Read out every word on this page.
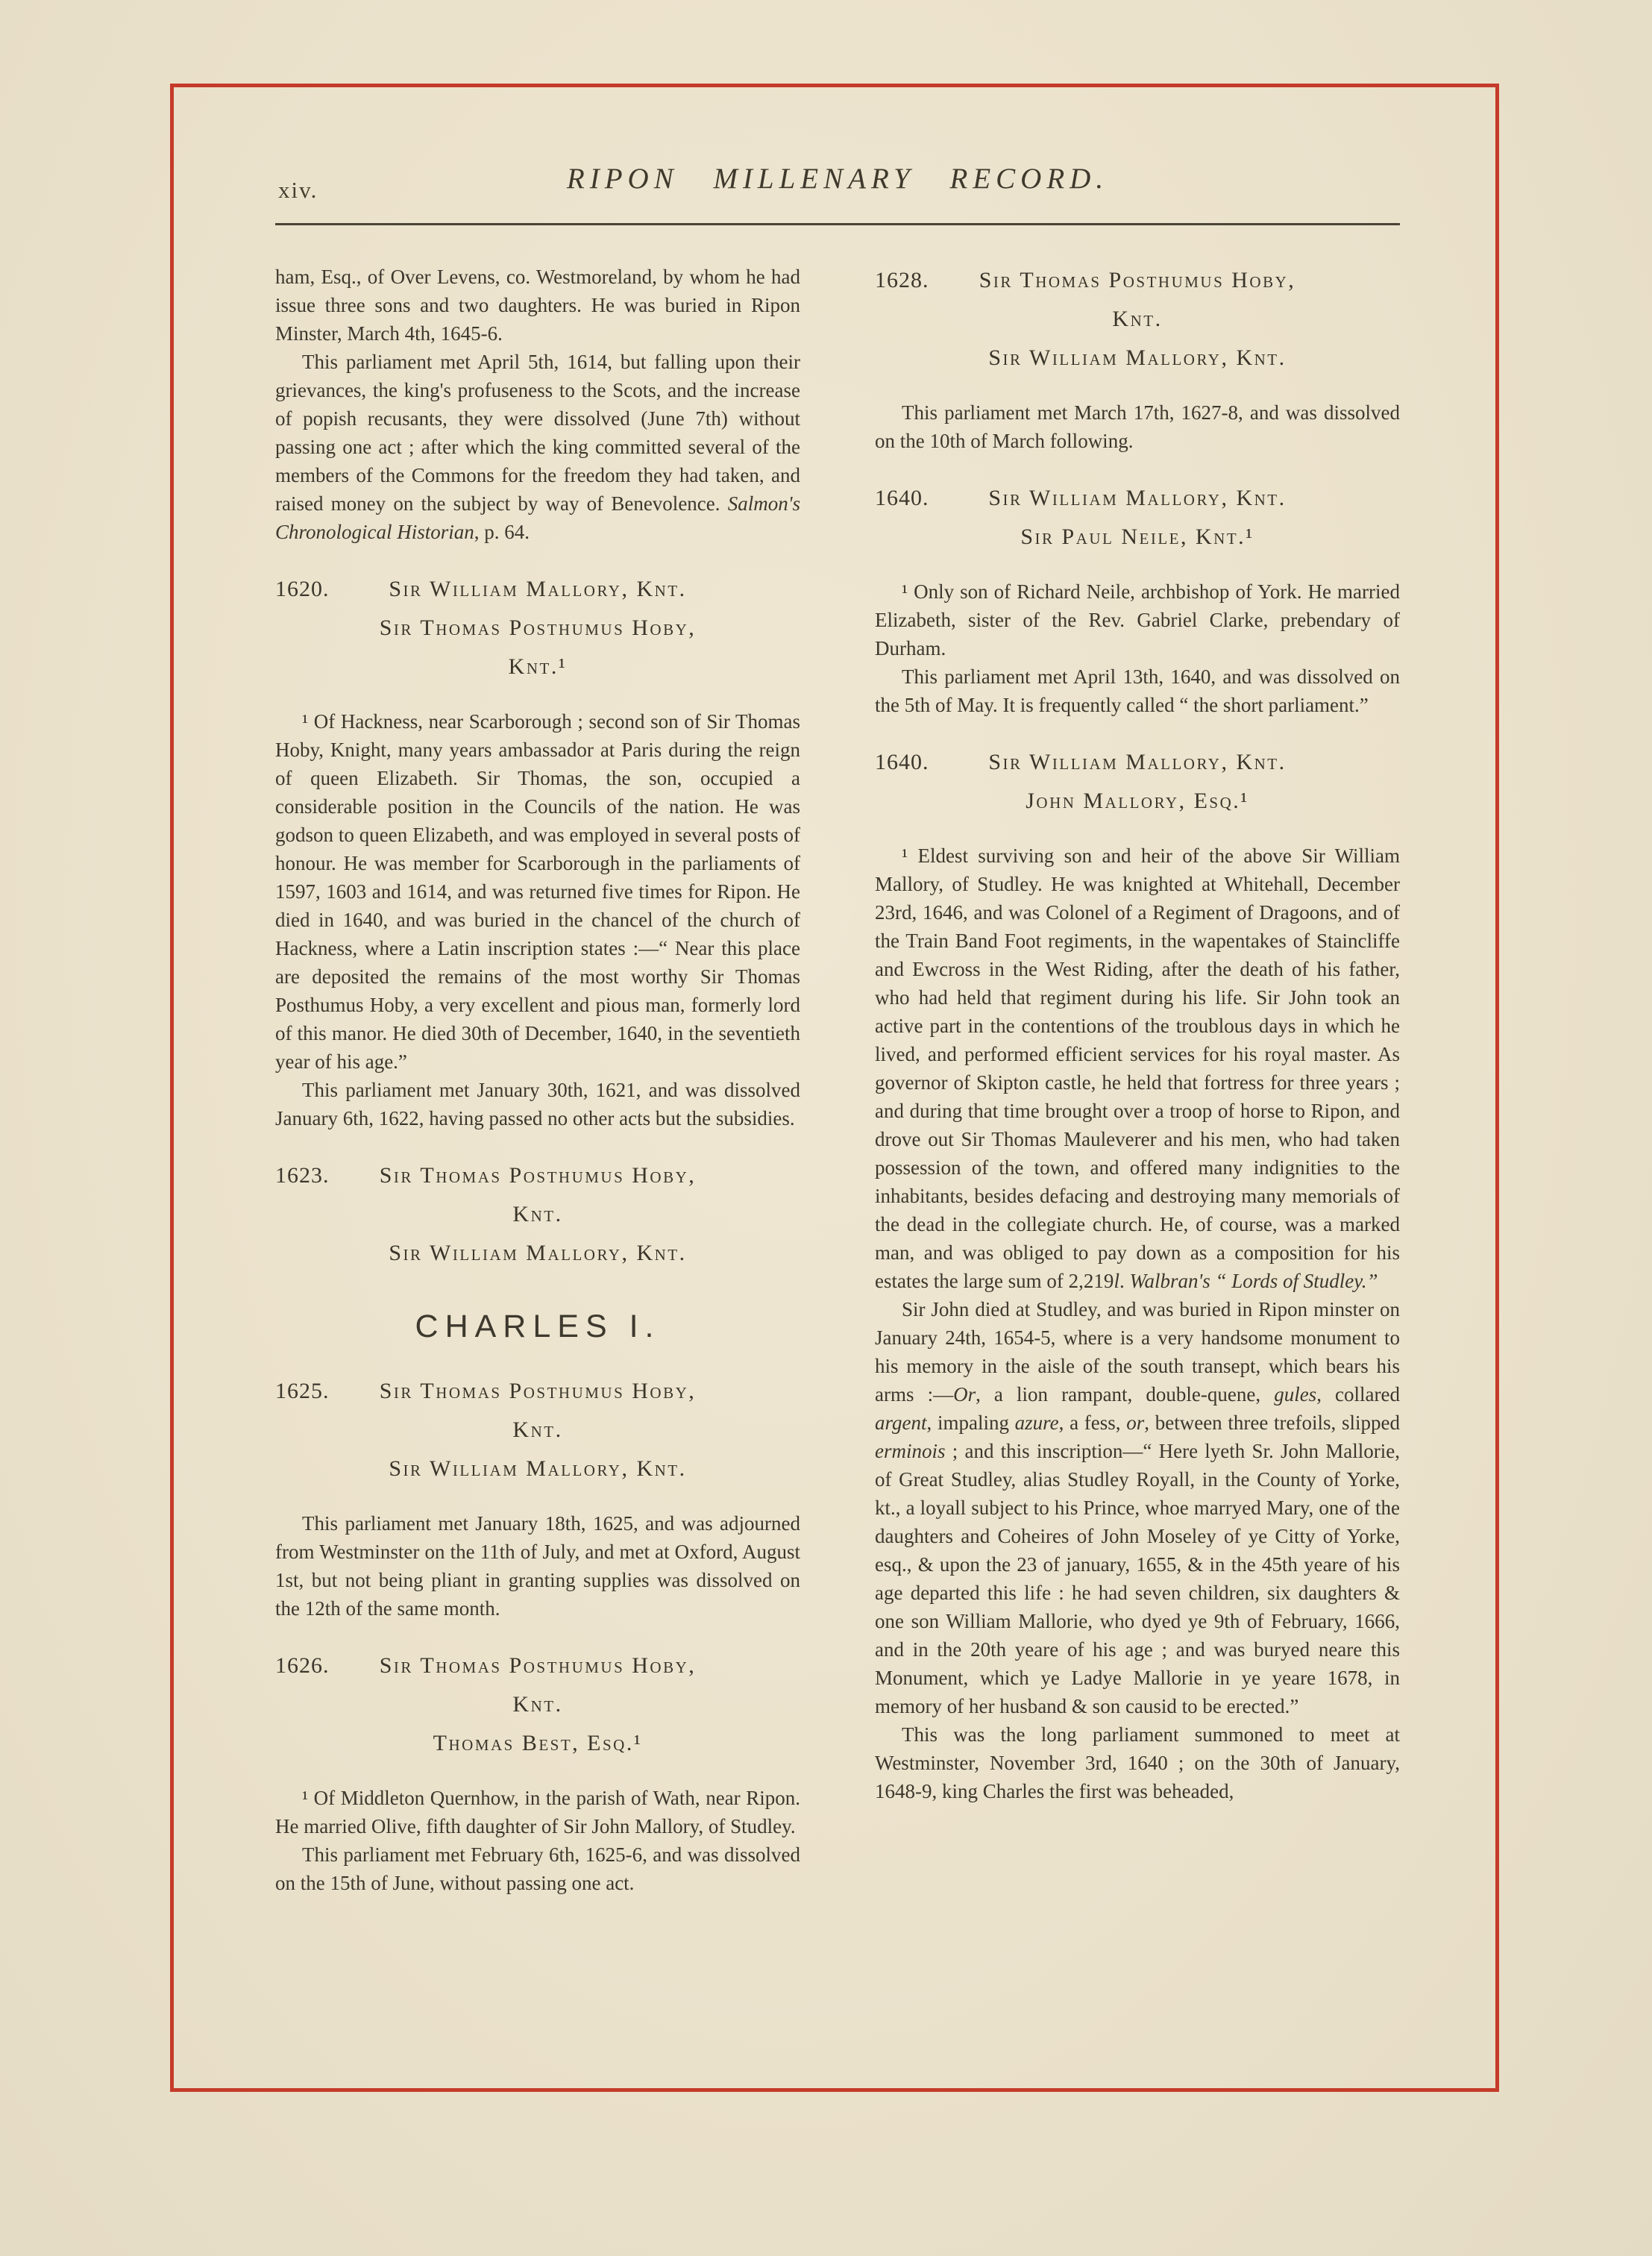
xiv.	RIPON MILLENARY RECORD.

ham, Esq., of Over Levens, co. Westmoreland, by whom he had issue three sons and two daughters. He was buried in Ripon Minster, March 4th, 1645-6.

This parliament met April 5th, 1614, but falling upon their grievances, the king's profuseness to the Scots, and the increase of popish recusants, they were dissolved (June 7th) without passing one act ; after which the king committed several of the members of the Commons for the freedom they had taken, and raised money on the subject by way of Benevolence. Salmon's Chronological Historian, p. 64.

1620.	Sir William Mallory, Knt.
Sir Thomas Posthumus Hoby,
Knt.¹

¹ Of Hackness, near Scarborough ; second son of Sir Thomas Hoby, Knight, many years ambassador at Paris during the reign of queen Elizabeth. Sir Thomas, the son, occupied a considerable position in the Councils of the nation. He was godson to queen Elizabeth, and was employed in several posts of honour. He was member for Scarborough in the parliaments of 1597, 1603 and 1614, and was returned five times for Ripon. He died in 1640, and was buried in the chancel of the church of Hackness, where a Latin inscription states :—“ Near this place are deposited the remains of the most worthy Sir Thomas Posthumus Hoby, a very excellent and pious man, formerly lord of this manor. He died 30th of December, 1640, in the seventieth year of his age.”

This parliament met January 30th, 1621, and was dissolved January 6th, 1622, having passed no other acts but the subsidies.

1623. Sir Thomas Posthumus Hoby,
Knt.
Sir William Mallory, Knt.
CHARLES I.
1625. Sir Thomas Posthumus Hoby,
Knt.
Sir William Mallory, Knt.

This parliament met January 18th, 1625, and was adjourned from Westminster on the 11th of July, and met at Oxford, August 1st, but not being pliant in granting supplies was dissolved on the 12th of the same month.

1626. Sir Thomas Posthumus Hoby,
Knt.
Thomas Best, Esq.¹

¹ Of Middleton Quernhow, in the parish of Wath, near Ripon. He married Olive, fifth daughter of Sir John Mallory, of Studley.

This parliament met February 6th, 1625-6, and was dissolved on the 15th of June, without passing one act.

1628. Sir Thomas Posthumus Hoby,
Knt.
Sir William Mallory, Knt.

This parliament met March 17th, 1627-8, and was dissolved on the 10th of March following.

1640.	Sir William Mallory, Knt.
Sir Paul Neile, Knt.¹

¹ Only son of Richard Neile, archbishop of York. He married Elizabeth, sister of the Rev. Gabriel Clarke, prebendary of Durham.

This parliament met April 13th, 1640, and was dissolved on the 5th of May. It is frequently called “ the short parliament.”

1640.	Sir William Mallory, Knt.
John Mallory, Esq.¹

¹ Eldest surviving son and heir of the above Sir William Mallory, of Studley. He was knighted at Whitehall, December 23rd, 1646, and was Colonel of a Regiment of Dragoons, and of the Train Band Foot regiments, in the wapentakes of Staincliffe and Ewcross in the West Riding, after the death of his father, who had held that regiment during his life. Sir John took an active part in the contentions of the troublous days in which he lived, and performed efficient services for his royal master. As governor of Skipton castle, he held that fortress for three years ; and during that time brought over a troop of horse to Ripon, and drove out Sir Thomas Mauleverer and his men, who had taken possession of the town, and offered many indignities to the inhabitants, besides defacing and destroying many memorials of the dead in the collegiate church. He, of course, was a marked man, and was obliged to pay down as a composition for his estates the large sum of 2,219l. Walbran's “ Lords of Studley.”

Sir John died at Studley, and was buried in Ripon minster on January 24th, 1654-5, where is a very handsome monument to his memory in the aisle of the south transept, which bears his arms :—Or, a lion rampant, double-quene, gules, collared argent, impaling azure, a fess, or, between three trefoils, slipped erminois ; and this inscription—“ Here lyeth Sr. John Mallorie, of Great Studley, alias Studley Royall, in the County of Yorke, kt., a loyall subject to his Prince, whoe marryed Mary, one of the daughters and Coheires of John Moseley of ye Citty of Yorke, esq., & upon the 23 of january, 1655, & in the 45th yeare of his age departed this life : he had seven children, six daughters & one son William Mallorie, who dyed ye 9th of February, 1666, and in the 20th yeare of his age ; and was buryed neare this Monument, which ye Ladye Mallorie in ye yeare 1678, in memory of her husband & son causid to be erected.”

This was the long parliament summoned to meet at Westminster, November 3rd, 1640 ; on the 30th of January, 1648-9, king Charles the first was beheaded,
